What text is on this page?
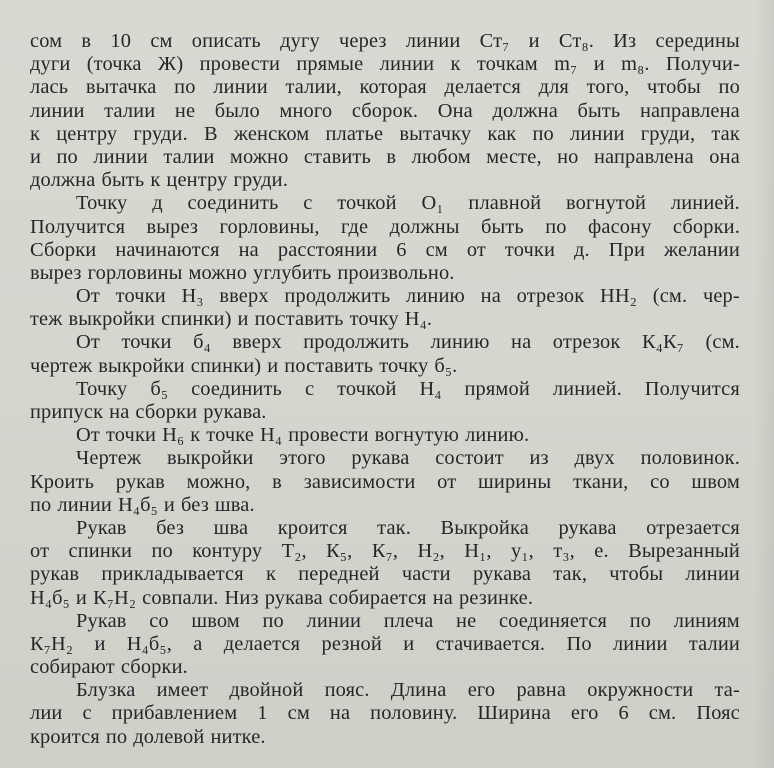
сом в 10 см описать дугу через линии Ст₇ и Ст₈. Из середины
дуги (точка Ж) провести прямые линии к точкам m₇ и m₈. Получи-
лась вытачка по линии талии, которая делается для того, чтобы по
линии талии не было много сборок. Она должна быть направлена
к центру груди. В женском платье вытачку как по линии груди, так
и по линии талии можно ставить в любом месте, но направлена она
должна быть к центру груди.
Точку д соединить с точкой O₁ плавной вогнутой линией.
Получится вырез горловины, где должны быть по фасону сборки.
Сборки начинаются на расстоянии 6 см от точки д. При желании
вырез горловины можно углубить произвольно.
От точки Н₃ вверх продолжить линию на отрезок НН₂ (см. чер-
теж выкройки спинки) и поставить точку Н₄.
От точки б₄ вверх продолжить линию на отрезок К₄К₇ (см.
чертеж выкройки спинки) и поставить точку б₅.
Точку б₅ соединить с точкой Н₄ прямой линией. Получится
припуск на сборки рукава.
От точки Н₆ к точке Н₄ провести вогнутую линию.
Чертеж выкройки этого рукава состоит из двух половинок.
Кроить рукав можно, в зависимости от ширины ткани, со швом
по линии Н₄б₅ и без шва.
Рукав без шва кроится так. Выкройка рукава отрезается
от спинки по контуру Т₂, К₅, К₇, Н₂, Н₁, у₁, т₃, е. Вырезанный
рукав прикладывается к передней части рукава так, чтобы линии
Н₄б₅ и К₇Н₂ совпали. Низ рукава собирается на резинке.
Рукав со швом по линии плеча не соединяется по линиям
К₇Н₂ и Н₄б₅, а делается резной и стачивается. По линии талии
собирают сборки.
Блузка имеет двойной пояс. Длина его равна окружности та-
лии с прибавлением 1 см на половину. Ширина его 6 см. Пояс
кроится по долевой нитке.
